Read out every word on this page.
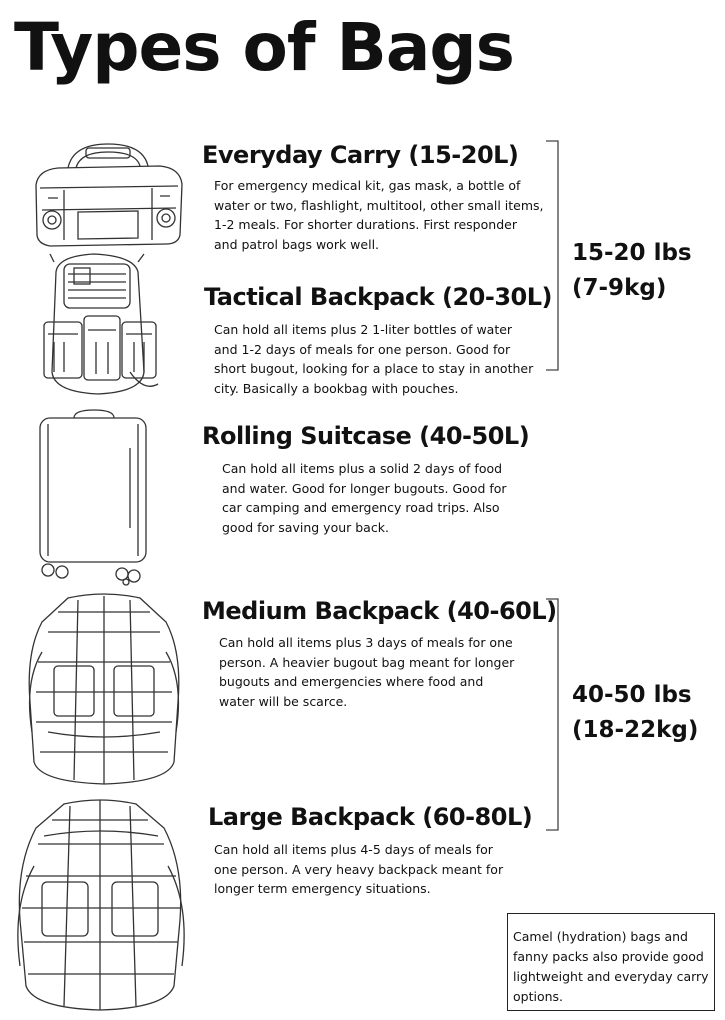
Types of Bags
Everyday Carry (15-20L)

For emergency medical kit, gas mask, a bottle of water or two, flashlight, multitool, other small items, 1-2 meals. For shorter durations. First responder and patrol bags work well.

Tactical Backpack (20-30L)

Can hold all items plus 2 1-liter bottles of water and 1-2 days of meals for one person. Good for short bugout, looking for a place to stay in another city. Basically a bookbag with pouches.

15-20 lbs
(7-9kg)
Rolling Suitcase (40-50L)

Can hold all items plus a solid 2 days of food and water. Good for longer bugouts. Good for car camping and emergency road trips. Also good for saving your back.

Medium Backpack (40-60L)

Can hold all items plus 3 days of meals for one person. A heavier bugout bag meant for longer bugouts and emergencies where food and water will be scarce.	40-50 lbs
(18-22kg)
Large Backpack (60-80L)

Can hold all items plus 4-5 days of meals for one person. A very heavy backpack meant for longer term emergency situations.

Camel (hydration) bags and fanny packs also provide good lightweight and everyday carry options.
